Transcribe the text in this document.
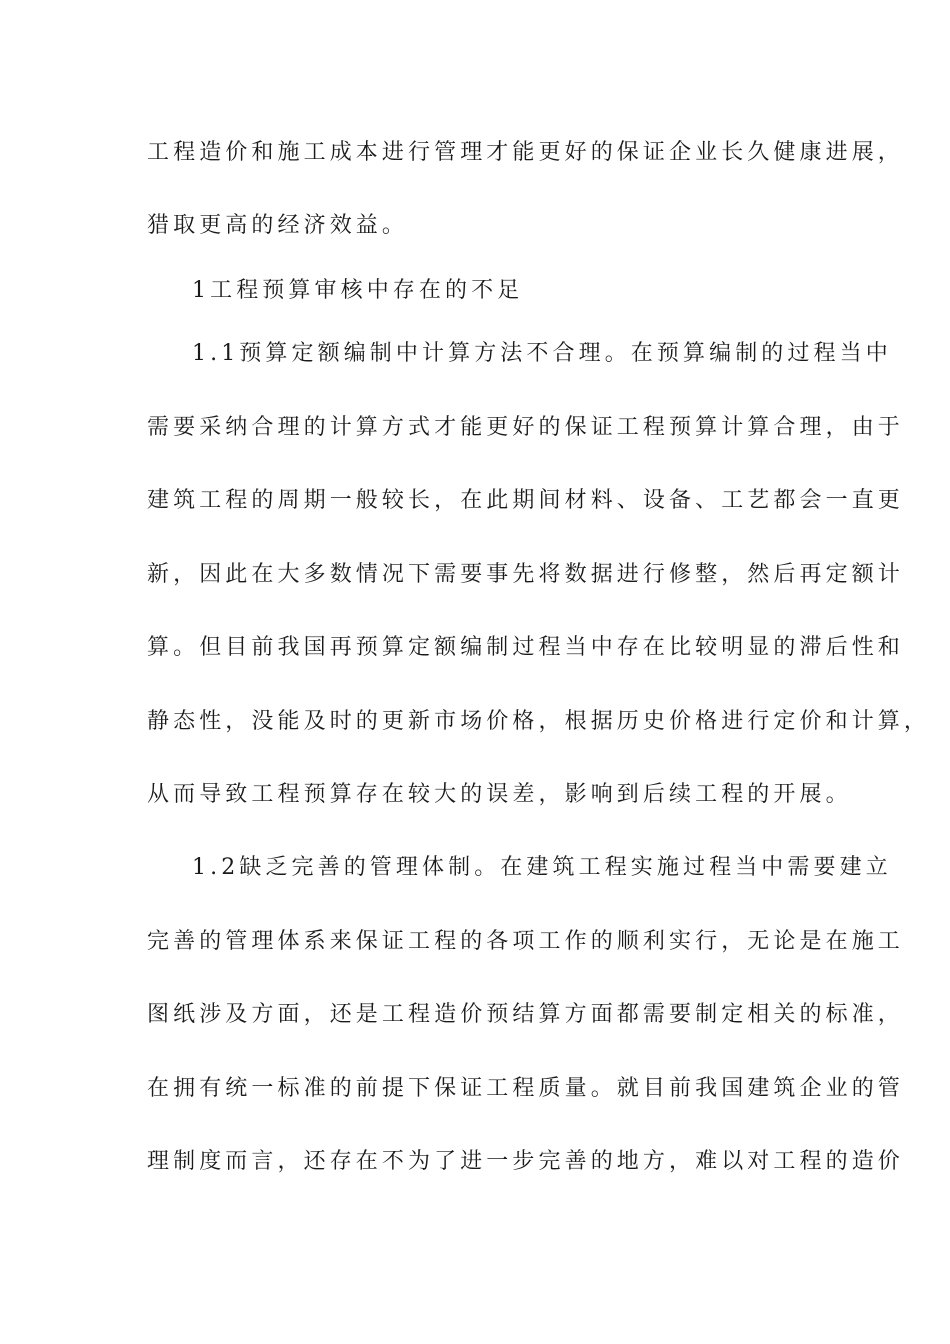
工程造价和施工成本进行管理才能更好的保证企业长久健康进展，
猎取更高的经济效益。
1工程预算审核中存在的不足
1.1预算定额编制中计算方法不合理。在预算编制的过程当中
需要采纳合理的计算方式才能更好的保证工程预算计算合理，由于
建筑工程的周期一般较长，在此期间材料、设备、工艺都会一直更
新，因此在大多数情况下需要事先将数据进行修整，然后再定额计
算。但目前我国再预算定额编制过程当中存在比较明显的滞后性和
静态性，没能及时的更新市场价格，根据历史价格进行定价和计算，
从而导致工程预算存在较大的误差，影响到后续工程的开展。
1.2缺乏完善的管理体制。在建筑工程实施过程当中需要建立
完善的管理体系来保证工程的各项工作的顺利实行，无论是在施工
图纸涉及方面，还是工程造价预结算方面都需要制定相关的标准，
在拥有统一标准的前提下保证工程质量。就目前我国建筑企业的管
理制度而言，还存在不为了进一步完善的地方，难以对工程的造价
